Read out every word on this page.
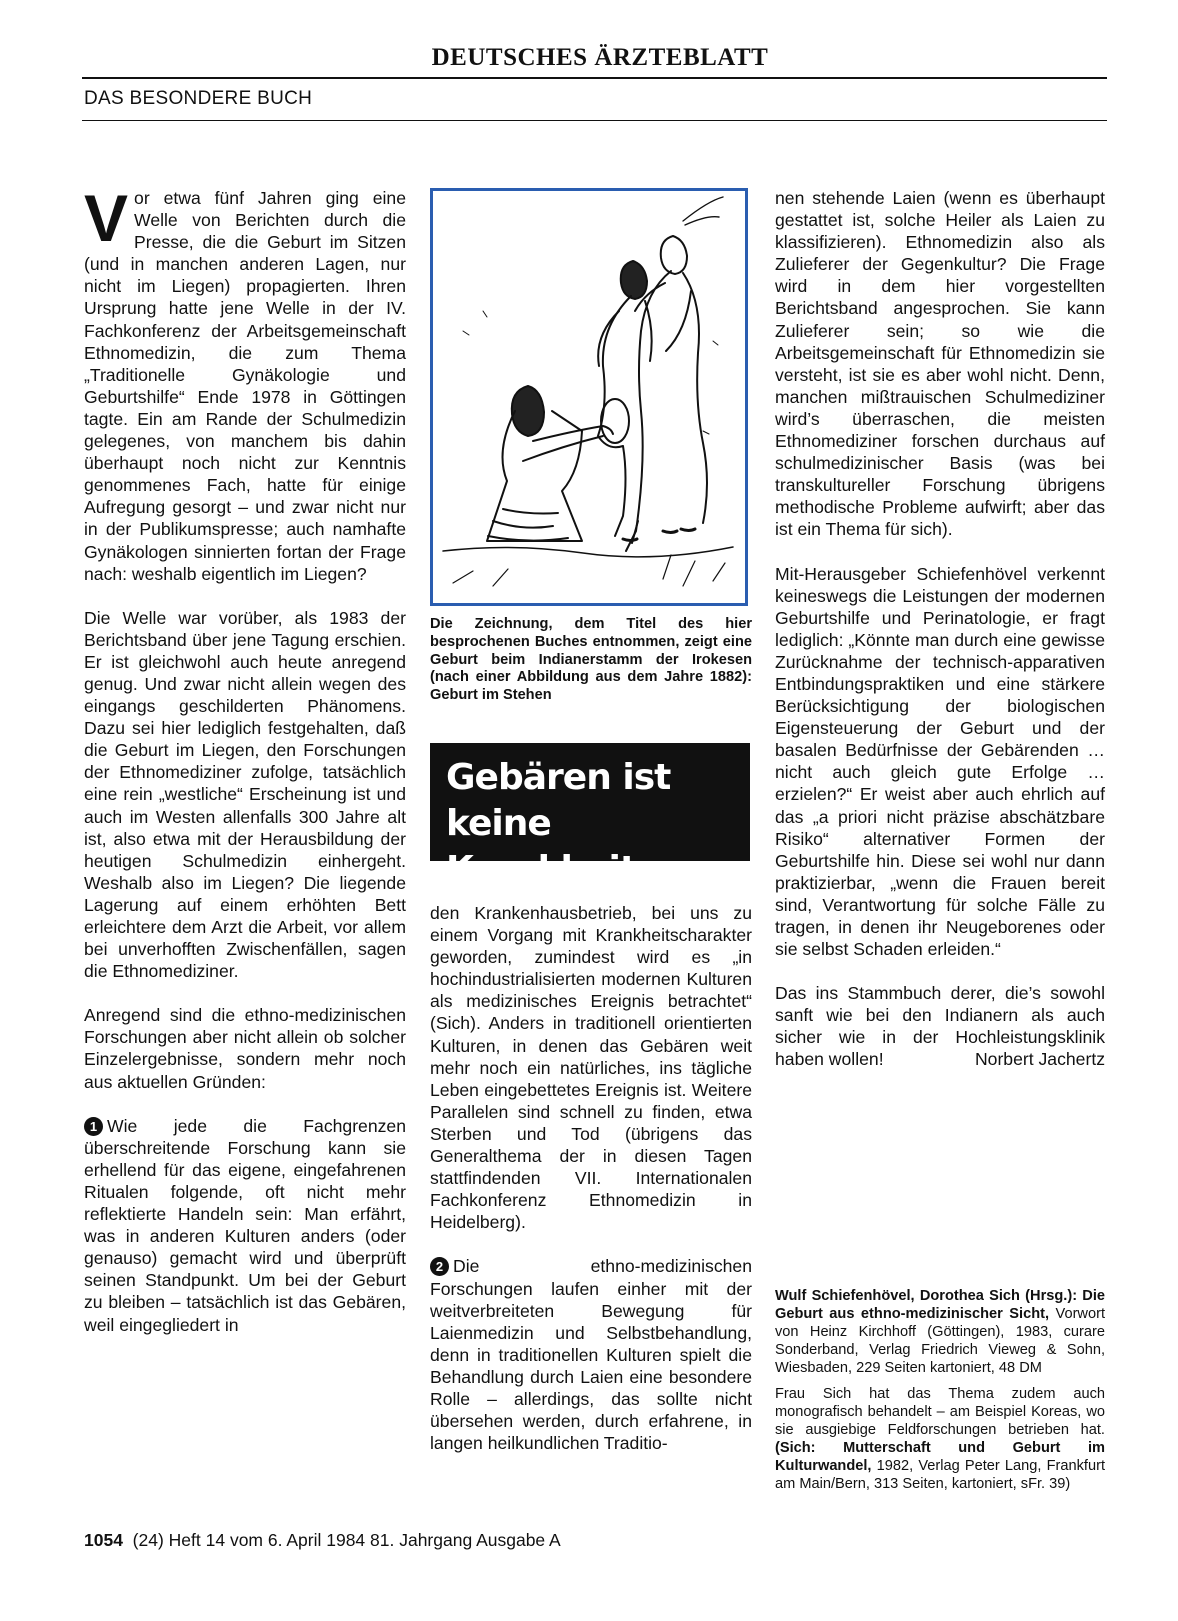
DEUTSCHES ÄRZTEBLATT
DAS BESONDERE BUCH

Vor etwa fünf Jahren ging eine Welle von Berichten durch die Presse, die die Geburt im Sitzen (und in manchen anderen Lagen, nur nicht im Liegen) propagierten. Ihren Ursprung hatte jene Welle in der IV. Fachkonferenz der Arbeitsgemeinschaft Ethnomedizin, die zum Thema „Traditionelle Gynäkologie und Geburtshilfe“ Ende 1978 in Göttingen tagte. Ein am Rande der Schulmedizin gelegenes, von manchem bis dahin überhaupt noch nicht zur Kenntnis genommenes Fach, hatte für einige Aufregung gesorgt – und zwar nicht nur in der Publikumspresse; auch namhafte Gynäkologen sinnierten fortan der Frage nach: weshalb eigentlich im Liegen?

Die Welle war vorüber, als 1983 der Berichtsband über jene Tagung erschien. Er ist gleichwohl auch heute anregend genug. Und zwar nicht allein wegen des eingangs geschilderten Phänomens. Dazu sei hier lediglich festgehalten, daß die Geburt im Liegen, den Forschungen der Ethnomediziner zufolge, tatsächlich eine rein „westliche“ Erscheinung ist und auch im Westen allenfalls 300 Jahre alt ist, also etwa mit der Herausbildung der heutigen Schulmedizin einhergeht. Weshalb also im Liegen? Die liegende Lagerung auf einem erhöhten Bett erleichtere dem Arzt die Arbeit, vor allem bei unverhofften Zwischenfällen, sagen die Ethnomediziner.

Anregend sind die ethno-medizinischen Forschungen aber nicht allein ob solcher Einzelergebnisse, sondern mehr noch aus aktuellen Gründen:

1 Wie jede die Fachgrenzen überschreitende Forschung kann sie erhellend für das eigene, eingefahrenen Ritualen folgende, oft nicht mehr reflektierte Handeln sein: Man erfährt, was in anderen Kulturen anders (oder genauso) gemacht wird und überprüft seinen Standpunkt. Um bei der Geburt zu bleiben – tatsächlich ist das Gebären, weil eingegliedert in

Die Zeichnung, dem Titel des hier besprochenen Buches entnommen, zeigt eine Geburt beim Indianerstamm der Irokesen (nach einer Abbildung aus dem Jahre 1882): Geburt im Stehen
Gebären ist
keine Krankheit

den Krankenhausbetrieb, bei uns zu einem Vorgang mit Krankheitscharakter geworden, zumindest wird es „in hochindustrialisierten modernen Kulturen als medizinisches Ereignis betrachtet“ (Sich). Anders in traditionell orientierten Kulturen, in denen das Gebären weit mehr noch ein natürliches, ins tägliche Leben eingebettetes Ereignis ist. Weitere Parallelen sind schnell zu finden, etwa Sterben und Tod (übrigens das Generalthema der in diesen Tagen stattfindenden VII. Internationalen Fachkonferenz Ethnomedizin in Heidelberg).

2 Die ethno-medizinischen Forschungen laufen einher mit der weitverbreiteten Bewegung für Laienmedizin und Selbstbehandlung, denn in traditionellen Kulturen spielt die Behandlung durch Laien eine besondere Rolle – allerdings, das sollte nicht übersehen werden, durch erfahrene, in langen heilkundlichen Traditio-

nen stehende Laien (wenn es überhaupt gestattet ist, solche Heiler als Laien zu klassifizieren). Ethnomedizin also als Zulieferer der Gegenkultur? Die Frage wird in dem hier vorgestellten Berichtsband angesprochen. Sie kann Zulieferer sein; so wie die Arbeitsgemeinschaft für Ethnomedizin sie versteht, ist sie es aber wohl nicht. Denn, manchen mißtrauischen Schulmediziner wird’s überraschen, die meisten Ethnomediziner forschen durchaus auf schulmedizinischer Basis (was bei transkultureller Forschung übrigens methodische Probleme aufwirft; aber das ist ein Thema für sich).

Mit-Herausgeber Schiefenhövel verkennt keineswegs die Leistungen der modernen Geburtshilfe und Perinatologie, er fragt lediglich: „Könnte man durch eine gewisse Zurücknahme der technisch-apparativen Entbindungspraktiken und eine stärkere Berücksichtigung der biologischen Eigensteuerung der Geburt und der basalen Bedürfnisse der Gebärenden … nicht auch gleich gute Erfolge … erzielen?“ Er weist aber auch ehrlich auf das „a priori nicht präzise abschätzbare Risiko“ alternativer Formen der Geburtshilfe hin. Diese sei wohl nur dann praktizierbar, „wenn die Frauen bereit sind, Verantwortung für solche Fälle zu tragen, in denen ihr Neugeborenes oder sie selbst Schaden erleiden.“

Das ins Stammbuch derer, die’s sowohl sanft wie bei den Indianern als auch sicher wie in der Hochleistungsklinik haben wollen!	Norbert Jachertz

Wulf Schiefenhövel, Dorothea Sich (Hrsg.): Die Geburt aus ethno-medizinischer Sicht, Vorwort von Heinz Kirchhoff (Göttingen), 1983, curare Sonderband, Verlag Friedrich Vieweg & Sohn, Wiesbaden, 229 Seiten kartoniert, 48 DM

Frau Sich hat das Thema zudem auch monografisch behandelt – am Beispiel Koreas, wo sie ausgiebige Feldforschungen betrieben hat. (Sich: Mutterschaft und Geburt im Kulturwandel, 1982, Verlag Peter Lang, Frankfurt am Main/Bern, 313 Seiten, kartoniert, sFr. 39)

1054 (24) Heft 14 vom 6. April 1984 81. Jahrgang Ausgabe A
